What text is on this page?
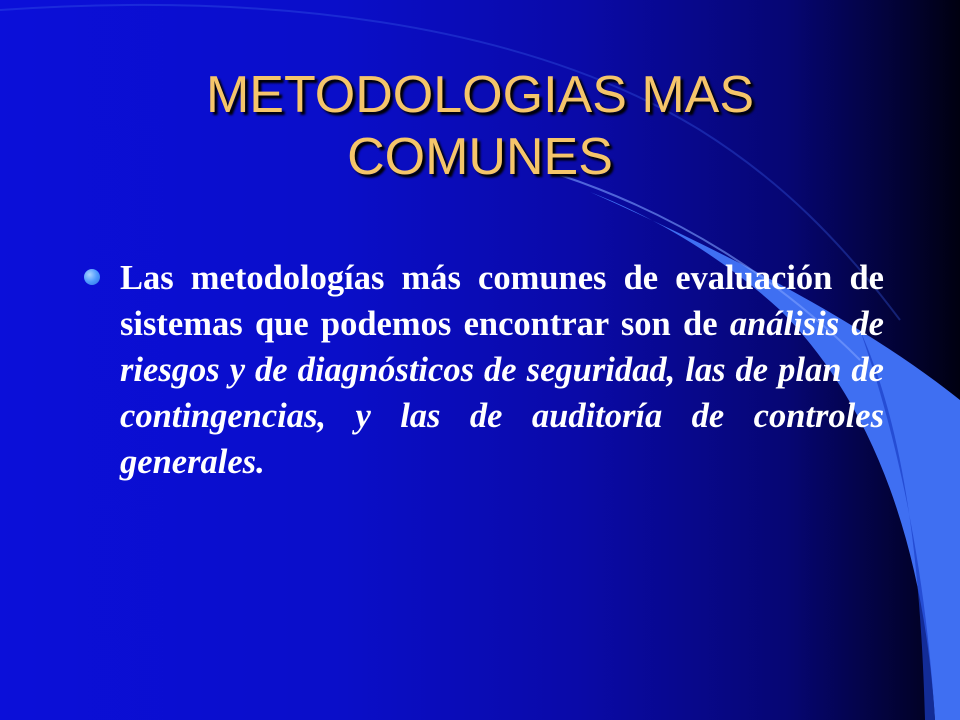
METODOLOGIAS MAS COMUNES

Las metodologías más comunes de evaluación de sistemas que podemos encontrar son de análisis de riesgos y de diagnósticos de seguridad, las de plan de contingencias, y las de auditoría de controles generales.
